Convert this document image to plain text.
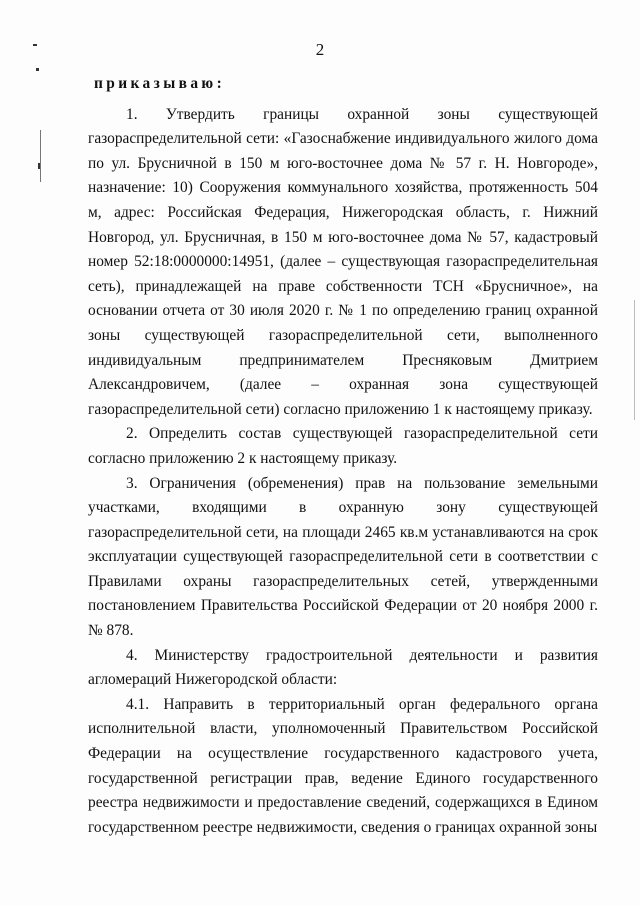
2

приказываю:

1. Утвердить границы охранной зоны существующей газораспределительной сети: «Газоснабжение индивидуального жилого дома по ул. Брусничной в 150 м юго-восточнее дома № 57 г. Н. Новгороде», назначение: 10) Сооружения коммунального хозяйства, протяженность 504 м, адрес: Российская Федерация, Нижегородская область, г. Нижний Новгород, ул. Брусничная, в 150 м юго-восточнее дома № 57, кадастровый номер 52:18:0000000:14951, (далее – существующая газораспределительная сеть), принадлежащей на праве собственности ТСН «Брусничное», на основании отчета от 30 июля 2020 г. № 1 по определению границ охранной зоны существующей газораспределительной сети, выполненного индивидуальным предпринимателем Пресняковым Дмитрием Александровичем, (далее – охранная зона существующей газораспределительной сети) согласно приложению 1 к настоящему приказу.

2. Определить состав существующей газораспределительной сети согласно приложению 2 к настоящему приказу.

3. Ограничения (обременения) прав на пользование земельными участками, входящими в охранную зону существующей газораспределительной сети, на площади 2465 кв.м устанавливаются на срок эксплуатации существующей газораспределительной сети в соответствии с Правилами охраны газораспределительных сетей, утвержденными постановлением Правительства Российской Федерации от 20 ноября 2000 г. № 878.

4. Министерству градостроительной деятельности и развития агломераций Нижегородской области:

4.1. Направить в территориальный орган федерального органа исполнительной власти, уполномоченный Правительством Российской Федерации на осуществление государственного кадастрового учета, государственной регистрации прав, ведение Единого государственного реестра недвижимости и предоставление сведений, содержащихся в Едином государственном реестре недвижимости, сведения о границах охранной зоны
